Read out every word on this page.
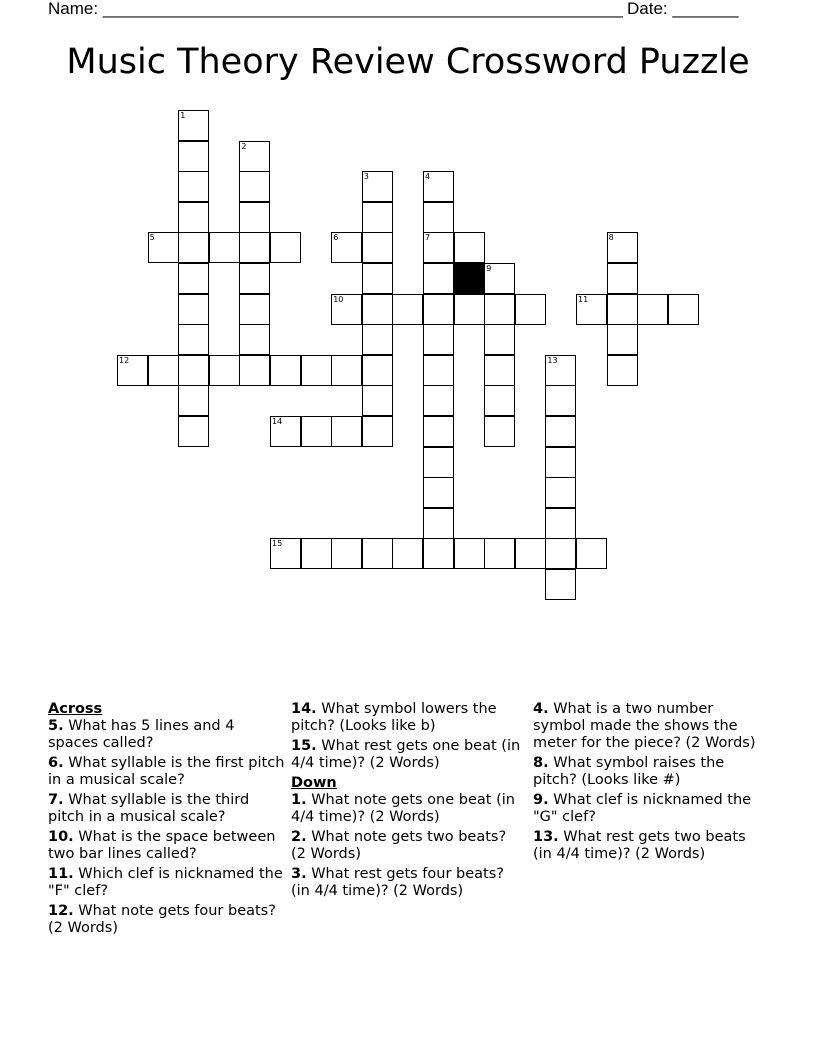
Name: _______________________________________________________ Date: _______
Music Theory Review Crossword Puzzle
1
2
3	4
7	8
9
13
5	6
10	11
12
14
15
Across
5. What has 5 lines and 4 spaces called?
6. What syllable is the first pitch in a musical scale?
7. What syllable is the third pitch in a musical scale?
10. What is the space between two bar lines called?
11. Which clef is nicknamed the "F" clef?
12. What note gets four beats? (2 Words)
14. What symbol lowers the pitch? (Looks like b)
15. What rest gets one beat (in 4/4 time)? (2 Words)
Down
1. What note gets one beat (in 4/4 time)? (2 Words)
2. What note gets two beats? (2 Words)
3. What rest gets four beats? (in 4/4 time)? (2 Words)
4. What is a two number symbol made the shows the meter for the piece? (2 Words)
8. What symbol raises the pitch? (Looks like #)
9. What clef is nicknamed the "G" clef?
13. What rest gets two beats (in 4/4 time)? (2 Words)
